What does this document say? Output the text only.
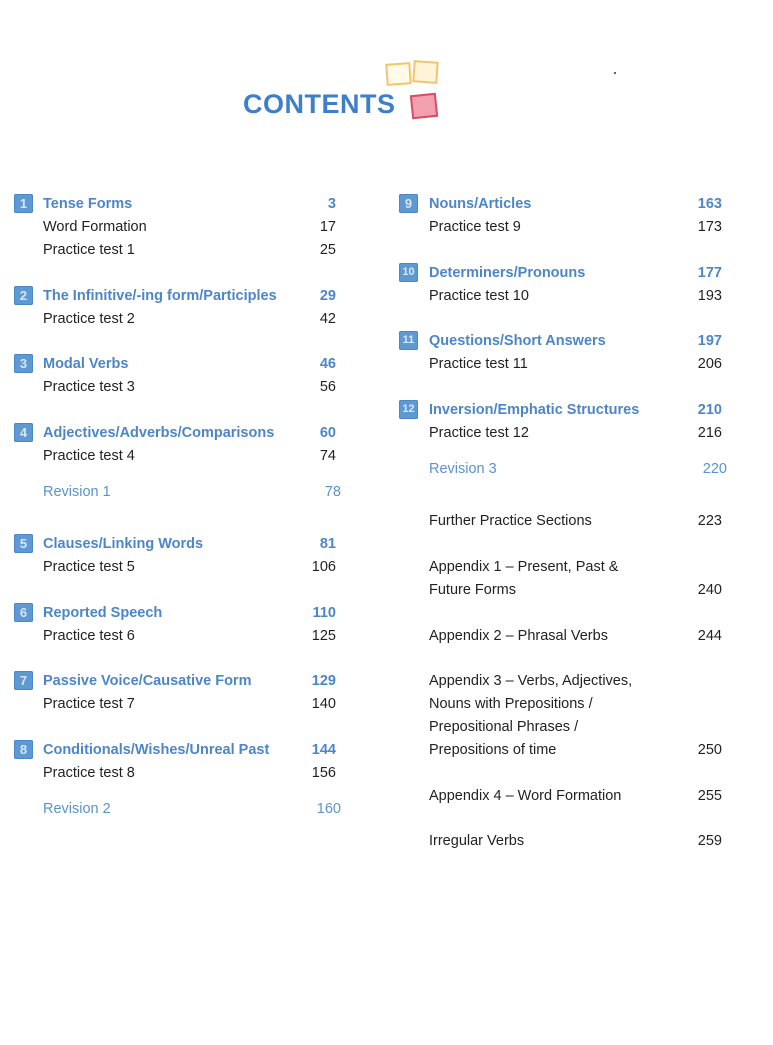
CONTENTS
1	Tense Forms	3
Word Formation	17
Practice test 1	25
2	The Infinitive/-ing form/Participles	29
Practice test 2	42
3	Modal Verbs	46
Practice test 3	56
4	Adjectives/Adverbs/Comparisons	60
Practice test 4	74
Revision 1	78
5	Clauses/Linking Words	81
Practice test 5	106
6	Reported Speech	110
Practice test 6	125
7	Passive Voice/Causative Form	129
Practice test 7	140
8	Conditionals/Wishes/Unreal Past	144
Practice test 8	156
Revision 2	160
9	Nouns/Articles	163
Practice test 9	173
10 Determiners/Pronouns	177
Practice test 10	193
11 Questions/Short Answers	197
Practice test 11	206
12 Inversion/Emphatic Structures	210
Practice test 12	216
Revision 3	220
Further Practice Sections	223
Appendix 1 – Present, Past &
Future Forms	240
Appendix 2 – Phrasal Verbs	244
Appendix 3 – Verbs, Adjectives,
Nouns with Prepositions /
Prepositional Phrases /
Prepositions of time	250
Appendix 4 – Word Formation	255
Irregular Verbs	259
